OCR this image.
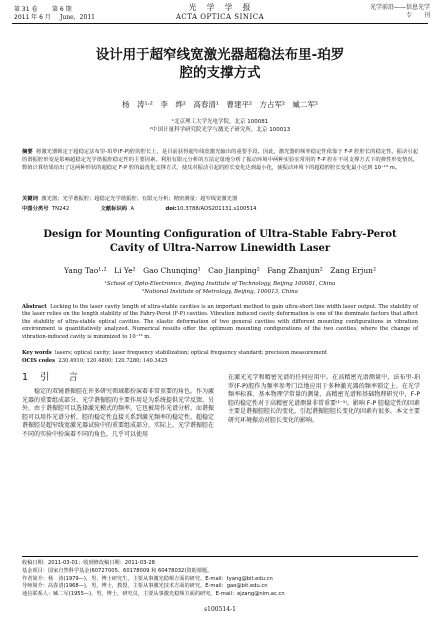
第 31 卷
2011 年 6 月
第 6 期	光　学　学　报
ACTA OPTICA SINICA
June，2011
光学前沿——信息光学
专　　刊
设计用于超窄线宽激光器超稳法布里-珀罗
腔的支撑方式
杨　涛¹·²　李　烨²　高春清¹　曹建平²　方占军²　臧二军²
¹北京理工大学光电学院，北京 100081
²中国计量科学研究院光学与激光子研究所，北京 100013
摘要 将激光器锁定于超稳定法布里-珀罗(F-P)腔的腔长上，是目前获得超窄线宽激光输出的重要手段。因此，激光器的频率稳定性依靠于 F-P 腔腔长的稳定性。振动引起的谐振腔形变是影响超稳定光学谐振腔稳定性的主要因素。利用有限元分析的方法定量地分析了振动环境中两种实验室常用的 F-P 腔在不同支撑方式下的弹性形变情况。数值计算结果给出了这两种形状的超稳定 F-P 腔的最优化支撑方式，使其对振动引起的腔长变化达到最小化，使振动环境下的超稳腔腔长变化最小达到 10⁻¹³ m。
关键词 激光器；光学谐振腔；超稳定光学谐振腔；有限元分析；精密测量；超窄线宽激光器
中图分类号 TN242	文献标识码 A	doi:10.3788/AOS201131.s100514
Design for Mounting Configuration of Ultra-Stable Fabry-Perot
Cavity of Ultra-Narrow Linewidth Laser
Yang Tao¹·²　Li Ye²　Gao Chunqing¹　Cao Jianping²　Fang Zhanjun²　Zang Erjun²
¹School of Opto-Electronics, Beijing Institute of Technology, Beijing 100081, China
²National Institute of Metrology, Beijing, 100013, China
Abstract Locking to the laser cavity length of ultra-stable cavities is an important method to gain ultra-short line width laser output. The stability of the laser relies on the length stability of the Fabry-Perot (F-P) cavities. Vibration induced cavity deformation is one of the dominate factors that affect the stability of ultra-stable optical cavities. The elastic deformation of two general cavities with different mounting configurations in vibration environment is quantitatively analyzed. Numerical results offer the optimum mounting configurations of the two cavities, where the change of vibration-induced cavity is minimized to 10⁻¹³ m.
Key words lasers; optical cavity; laser frequency stabilization; optical frequency standard; precision measurement
OCIS codes 230.4910; 120.4800; 120.7280; 140.3425
1 引　　言
稳定的双镜谐振腔在许多研究领域都扮演着非常重要的角色。作为激光器的重要组成部分，光学谐振腔的主要作用是为系统提供光学反馈。另外，由于谐振腔可以选择激光模式的频率，它也被用作光谱分析。而谐振腔可以用作光谱分析，腔的稳定性直接关系到激光频率的稳定性。超稳定谐振腔是超窄线宽激光器试验中的重要组成部分，实际上，光学谐振腔在不同的实验中扮演着不同的角色，几乎可以使用
在激光光学和精密光谱的任何应用中。在高精密光谱测量中，法布里-珀罗(F-P)腔作为频率参考门泛地应用于多种激光器的频率锁定上。在光学频率标准、基本物理学常量的测量、高精密光谱和基础物理研究中，F-P 腔的稳定性对于高精密光谱测量非常重要⁽¹⁻⁵⁾。影响 F-P 腔稳定性的因素主要是谐振腔腔长的变化，引起谐振腔腔长变化的因素有很多，本文主要研究环境振动对腔长变化的影响。
收稿日期：2011-03-01；收到修改稿日期：2011-03-28
基金项目：国家自然科学基金(60727005、60178009 和 60478032)资助课题。
作者简介：杨　涛(1979—)，男，博士研究生，主要从事激光稳频方面的研究。E-mail：tyang@bit.edu.cn
导师简介：高春清(1968—)，男，博士，教授，主要从事激光技术方面的研究。E-mail：gao@bit.edu.cn
通信联系人：臧二军(1955—)，男，博士，研究员，主要从事激光稳频方面的研究。E-mail：ejzang@nim.ac.cn
s100514-1
